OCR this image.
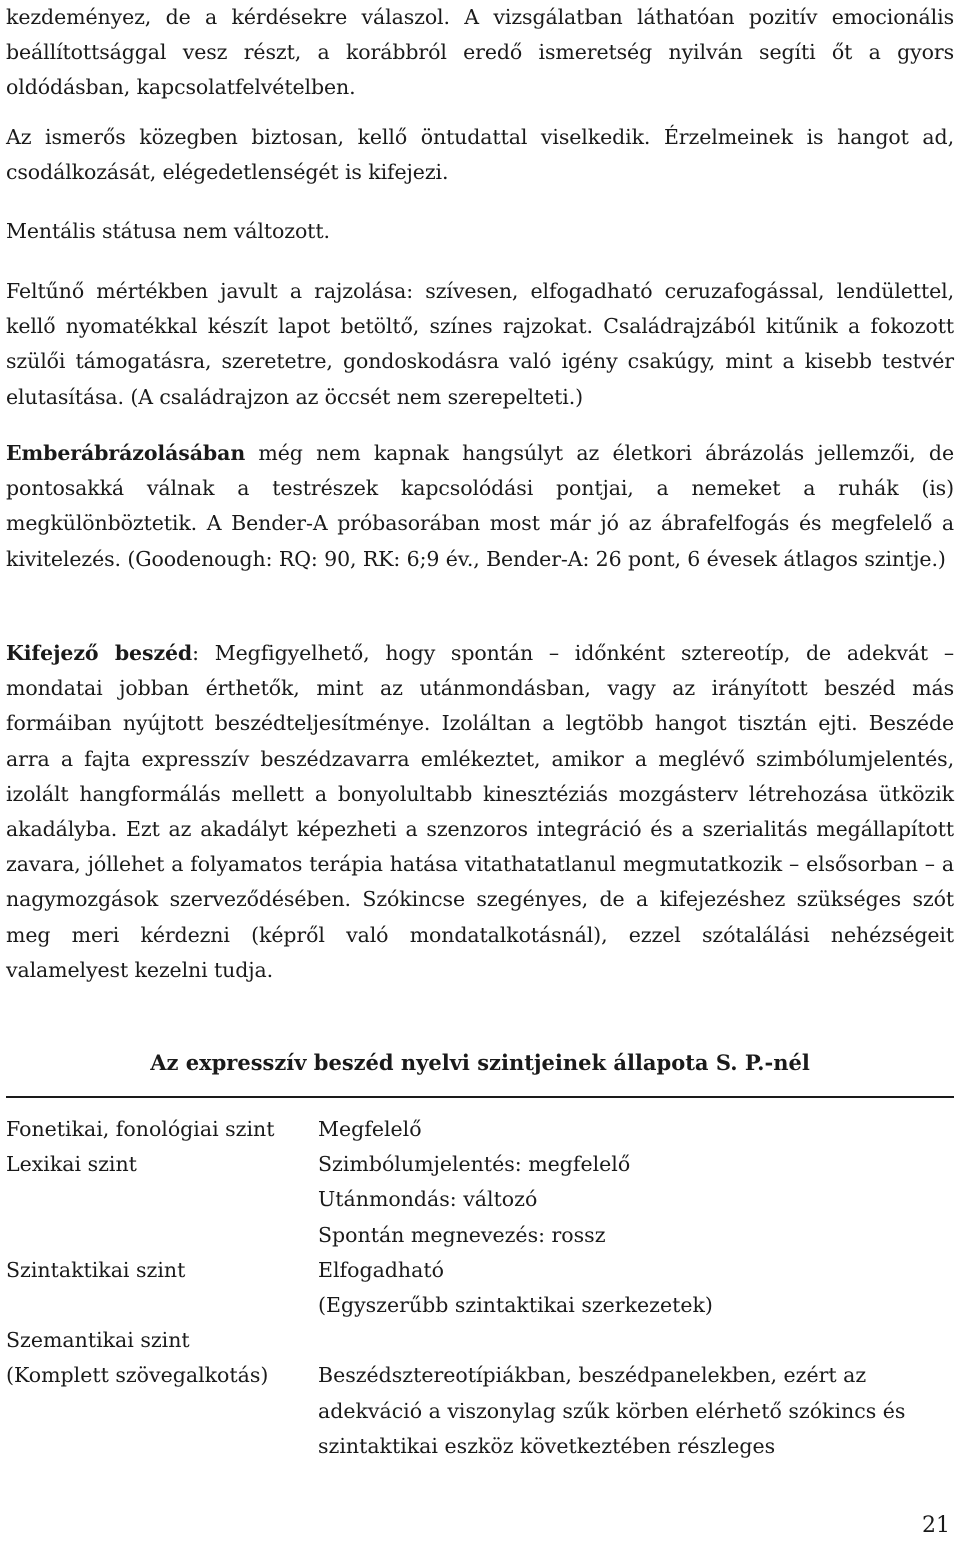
kezdeményez, de a kérdésekre válaszol. A vizsgálatban láthatóan pozitív emocionális beállítottsággal vesz részt, a korábbról eredő ismeretség nyilván segíti őt a gyors oldódásban, kapcsolatfelvételben.

Az ismerős közegben biztosan, kellő öntudattal viselkedik. Érzelmeinek is hangot ad, csodálkozását, elégedetlenségét is kifejezi.

Mentális státusa nem változott.

Feltűnő mértékben javult a rajzolása: szívesen, elfogadható ceruzafogással, lendülettel, kellő nyomatékkal készít lapot betöltő, színes rajzokat. Családrajzából kitűnik a fokozott szülői támogatásra, szeretetre, gondoskodásra való igény csakúgy, mint a kisebb testvér elutasítása. (A családrajzon az öccsét nem szerepelteti.)

Emberábrázolásában még nem kapnak hangsúlyt az életkori ábrázolás jellemzői, de pontosakká válnak a testrészek kapcsolódási pontjai, a nemeket a ruhák (is) megkülönböztetik. A Bender-A próbasorában most már jó az ábrafelfogás és megfelelő a kivitelezés. (Goodenough: RQ: 90, RK: 6;9 év., Bender-A: 26 pont, 6 évesek átlagos szintje.)

Kifejező beszéd: Megfigyelhető, hogy spontán – időnként sztereotíp, de adekvát – mondatai jobban érthetők, mint az utánmondásban, vagy az irányított beszéd más formáiban nyújtott beszédteljesítménye. Izoláltan a legtöbb hangot tisztán ejti. Beszéde arra a fajta expresszív beszédzavarra emlékeztet, amikor a meglévő szimbólumjelentés, izolált hangformálás mellett a bonyolultabb kinesztéziás mozgásterv létrehozása ütközik akadályba. Ezt az akadályt képezheti a szenzoros integráció és a szerialitás megállapított zavara, jóllehet a folyamatos terápia hatása vitathatatlanul megmutatkozik – elsősorban – a nagymozgások szerveződésében. Szókincse szegényes, de a kifejezéshez szükséges szót meg meri kérdezni (képről való mondatalkotásnál), ezzel szótalálási nehézségeit valamelyest kezelni tudja.

Az expresszív beszéd nyelvi szintjeinek állapota S. P.-nél
Fonetikai, fonológiai szint	Megfelelő
Lexikai szint	Szimbólumjelentés: megfelelő
Utánmondás: változó
Spontán megnevezés: rossz
Szintaktikai szint	Elfogadható
(Egyszerűbb szintaktikai szerkezetek)
Szemantikai szint
(Komplett szövegalkotás)	Beszédsztereotípiákban, beszédpanelekben, ezért az
adekváció a viszonylag szűk körben elérhető szókincs és
szintaktikai eszköz következtében részleges
21
